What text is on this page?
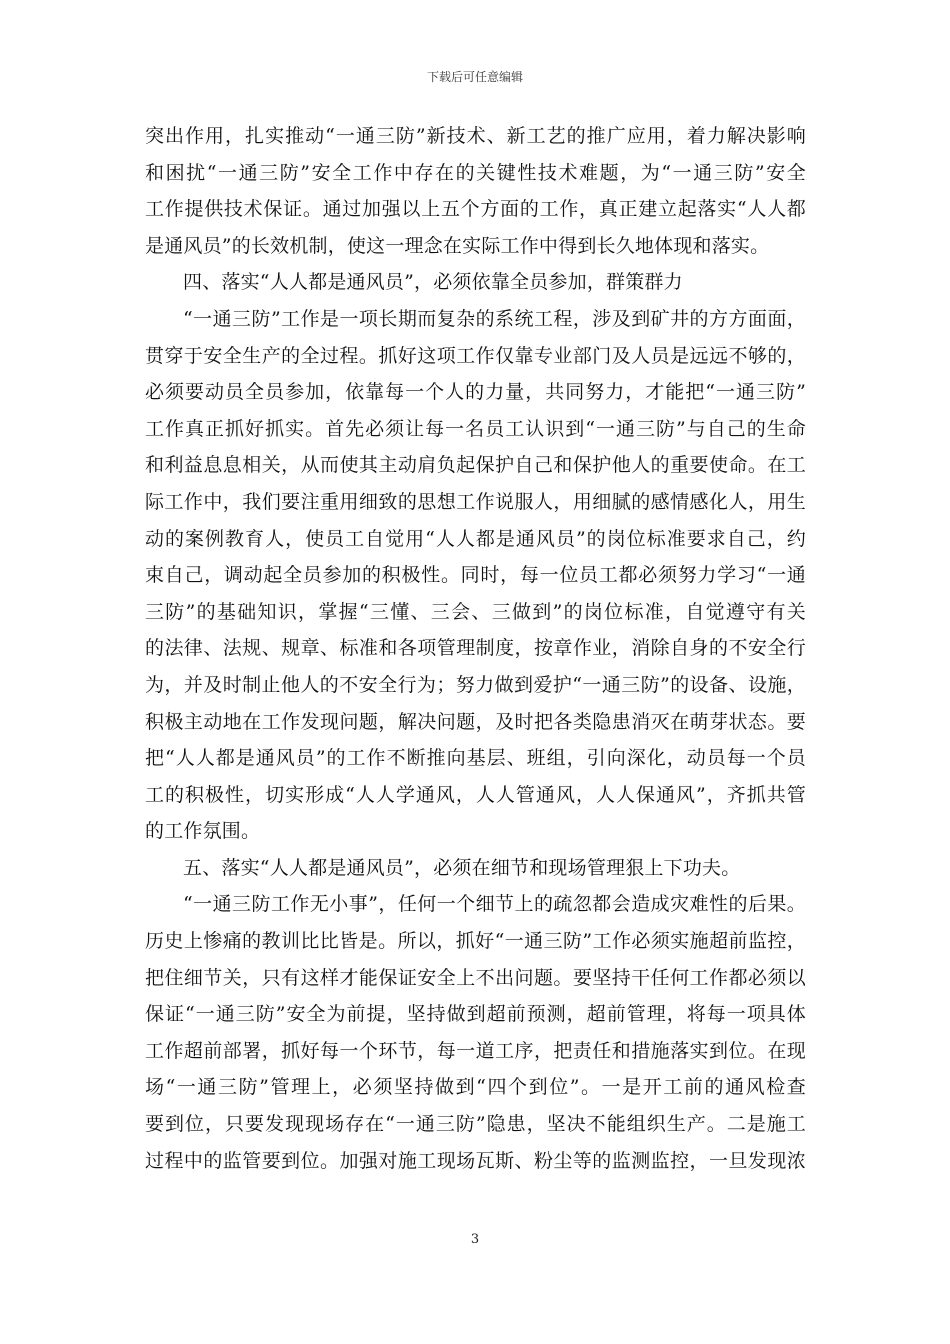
下载后可任意编辑
突出作用，扎实推动“一通三防”新技术、新工艺的推广应用，着力解决影响
和困扰“一通三防”安全工作中存在的关键性技术难题，为“一通三防”安全
工作提供技术保证。通过加强以上五个方面的工作，真正建立起落实“人人都
是通风员”的长效机制，使这一理念在实际工作中得到长久地体现和落实。
四、落实“人人都是通风员”，必须依靠全员参加，群策群力
“一通三防”工作是一项长期而复杂的系统工程，涉及到矿井的方方面面，
贯穿于安全生产的全过程。抓好这项工作仅靠专业部门及人员是远远不够的，
必须要动员全员参加，依靠每一个人的力量，共同努力，才能把“一通三防”
工作真正抓好抓实。首先必须让每一名员工认识到“一通三防”与自己的生命
和利益息息相关，从而使其主动肩负起保护自己和保护他人的重要使命。在工
际工作中，我们要注重用细致的思想工作说服人，用细腻的感情感化人，用生
动的案例教育人，使员工自觉用“人人都是通风员”的岗位标准要求自己，约
束自己，调动起全员参加的积极性。同时，每一位员工都必须努力学习“一通
三防”的基础知识，掌握“三懂、三会、三做到”的岗位标准，自觉遵守有关
的法律、法规、规章、标准和各项管理制度，按章作业，消除自身的不安全行
为，并及时制止他人的不安全行为；努力做到爱护“一通三防”的设备、设施，
积极主动地在工作发现问题，解决问题，及时把各类隐患消灭在萌芽状态。要
把“人人都是通风员”的工作不断推向基层、班组，引向深化，动员每一个员
工的积极性，切实形成“人人学通风，人人管通风，人人保通风”，齐抓共管
的工作氛围。
五、落实“人人都是通风员”，必须在细节和现场管理狠上下功夫。
“一通三防工作无小事”，任何一个细节上的疏忽都会造成灾难性的后果。
历史上惨痛的教训比比皆是。所以，抓好“一通三防”工作必须实施超前监控，
把住细节关，只有这样才能保证安全上不出问题。要坚持干任何工作都必须以
保证“一通三防”安全为前提，坚持做到超前预测，超前管理，将每一项具体
工作超前部署，抓好每一个环节，每一道工序，把责任和措施落实到位。在现
场“一通三防”管理上，必须坚持做到“四个到位”。一是开工前的通风检查
要到位，只要发现现场存在“一通三防”隐患，坚决不能组织生产。二是施工
过程中的监管要到位。加强对施工现场瓦斯、粉尘等的监测监控，一旦发现浓
3
